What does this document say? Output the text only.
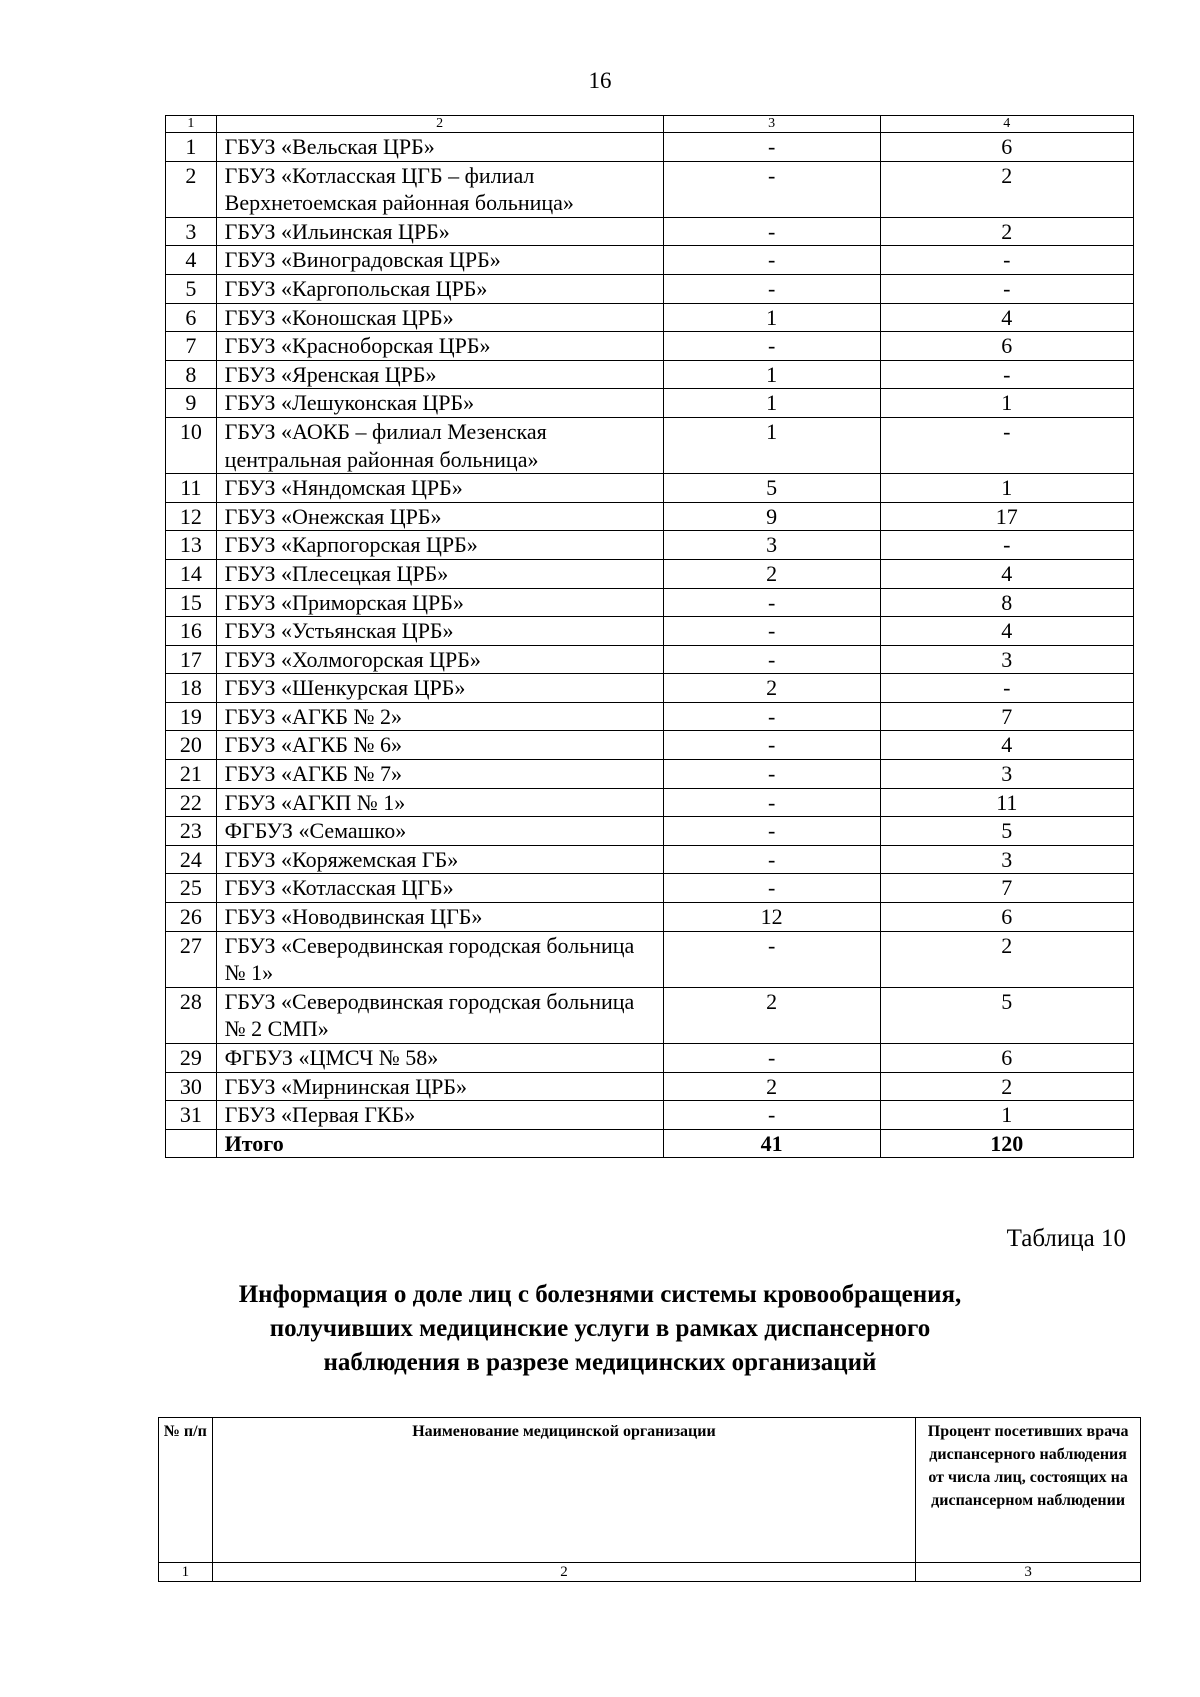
16
1	2	3	4
1	ГБУЗ «Вельская ЦРБ»	-	6
2	ГБУЗ «Котласская ЦГБ – филиал Верхнетоемская районная больница»	-	2
3	ГБУЗ «Ильинская ЦРБ»	-	2
4	ГБУЗ «Виноградовская ЦРБ»	-	-
5	ГБУЗ «Каргопольская ЦРБ»	-	-
6	ГБУЗ «Коношская ЦРБ»	1	4
7	ГБУЗ «Красноборская ЦРБ»	-	6
8	ГБУЗ «Яренская ЦРБ»	1	-
9	ГБУЗ «Лешуконская ЦРБ»	1	1
10	ГБУЗ «АОКБ – филиал Мезенская центральная районная больница»	1	-
11	ГБУЗ «Няндомская ЦРБ»	5	1
12	ГБУЗ «Онежская ЦРБ»	9	17
13	ГБУЗ «Карпогорская ЦРБ»	3	-
14	ГБУЗ «Плесецкая ЦРБ»	2	4
15	ГБУЗ «Приморская ЦРБ»	-	8
16	ГБУЗ «Устьянская ЦРБ»	-	4
17	ГБУЗ «Холмогорская ЦРБ»	-	3
18	ГБУЗ «Шенкурская ЦРБ»	2	-
19	ГБУЗ «АГКБ № 2»	-	7
20	ГБУЗ «АГКБ № 6»	-	4
21	ГБУЗ «АГКБ № 7»	-	3
22	ГБУЗ «АГКП № 1»	-	11
23	ФГБУЗ «Семашко»	-	5
24	ГБУЗ «Коряжемская ГБ»	-	3
25	ГБУЗ «Котласская ЦГБ»	-	7
26	ГБУЗ «Новодвинская ЦГБ»	12	6
27	ГБУЗ «Северодвинская городская больница № 1»	-	2
28	ГБУЗ «Северодвинская городская больница № 2 СМП»	2	5
29	ФГБУЗ «ЦМСЧ № 58»	-	6
30	ГБУЗ «Мирнинская ЦРБ»	2	2
31	ГБУЗ «Первая ГКБ»	-	1
	Итого	41	120
Таблица 10
Информация о доле лиц с болезнями системы кровообращения,
получивших медицинские услуги в рамках диспансерного
наблюдения в разрезе медицинских организаций
№ п/п	Наименование медицинской организации	Процент посетивших врача диспансерного наблюдения от числа лиц, состоящих на диспансерном наблюдении
1	2	3
